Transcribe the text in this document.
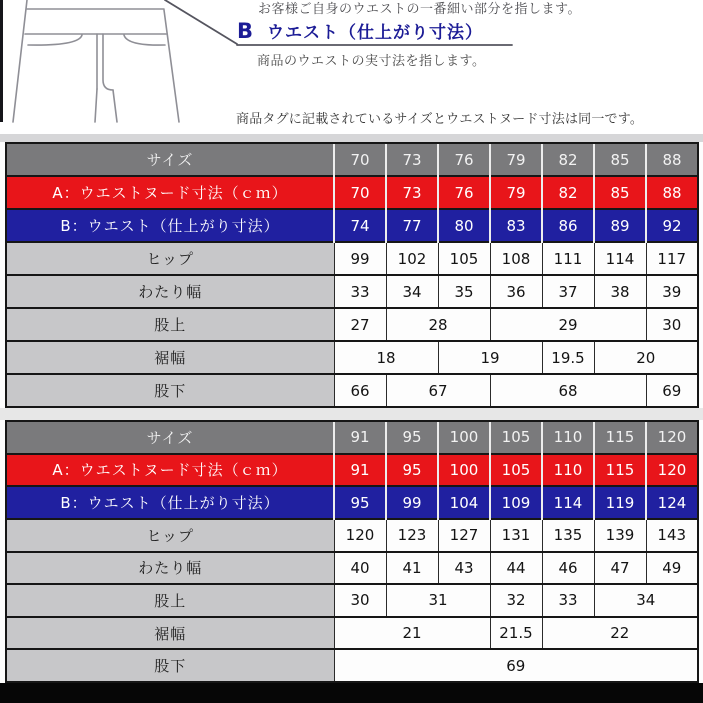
お客様ご自身のウエストの一番細い部分を指します。
B ウエスト（仕上がり寸法）
商品のウエストの実寸法を指します。
商品タグに記載されているサイズとウエストヌード寸法は同一です。
サイズ	70	73	76	79	82	85	88
A：ウエストヌード寸法（ｃｍ）	70	73	76	79	82	85	88
B：ウエスト（仕上がり寸法）	74	77	80	83	86	89	92
ヒップ	99	102	105	108	111	114	117
わたり幅	33	34	35	36	37	38	39
股上	27	28		29			30
裾幅	18		19		19.5	20	
股下	66	67		68			69
サイズ	91	95	100	105	110	115	120
A：ウエストヌード寸法（ｃｍ）	91	95	100	105	110	115	120
B：ウエスト（仕上がり寸法）	95	99	104	109	114	119	124
ヒップ	120	123	127	131	135	139	143
わたり幅	40	41	43	44	46	47	49
股上	30	31		32	33	34	
裾幅	21			21.5	22		
股下	69						
